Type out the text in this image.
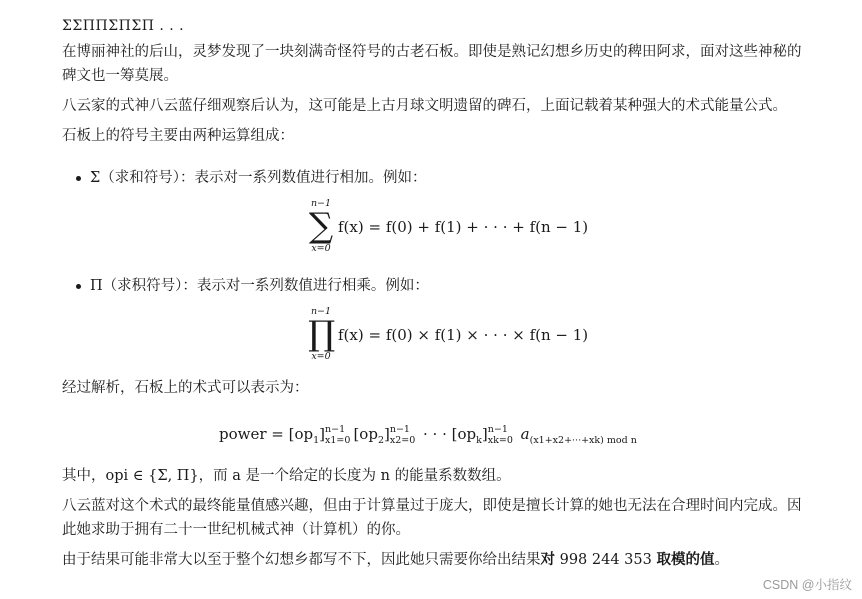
ΣΣΠΠΣΠΣΠ . . .
在博丽神社的后山，灵梦发现了一块刻满奇怪符号的古老石板。即使是熟记幻想乡历史的稗田阿求，面对这些神秘的碑文也一筹莫展。
八云家的式神八云蓝仔细观察后认为，这可能是上古月球文明遗留的碑石，上面记载着某种强大的术式能量公式。
石板上的符号主要由两种运算组成：
Σ（求和符号）：表示对一系列数值进行相加。例如：
n−1
∑
x=0
f(x) = f(0) + f(1) + · · · + f(n − 1)
Π（求积符号）：表示对一系列数值进行相乘。例如：
n−1
∏
x=0
f(x) = f(0) × f(1) × · · · × f(n − 1)
经过解析，石板上的术式可以表示为：
power = $[op_1]n-1$
x1=0 $[op_2]n-1$
x2=0 · · · $[op_k]n-1$
xk=0 $a_{(x1+x2+\cdot\cdot\cdot+xk) mod n}$
其中，opi ∈ {Σ, Π}，而 a 是一个给定的长度为 n 的能量系数数组。
八云蓝对这个术式的最终能量值感兴趣，但由于计算量过于庞大，即使是擅长计算的她也无法在合理时间内完成。因此她求助于拥有二十一世纪机械式神（计算机）的你。
由于结果可能非常大以至于整个幻想乡都写不下，因此她只需要你给出结果对 998 244 353 取模的值。
CSDN @小指纹
